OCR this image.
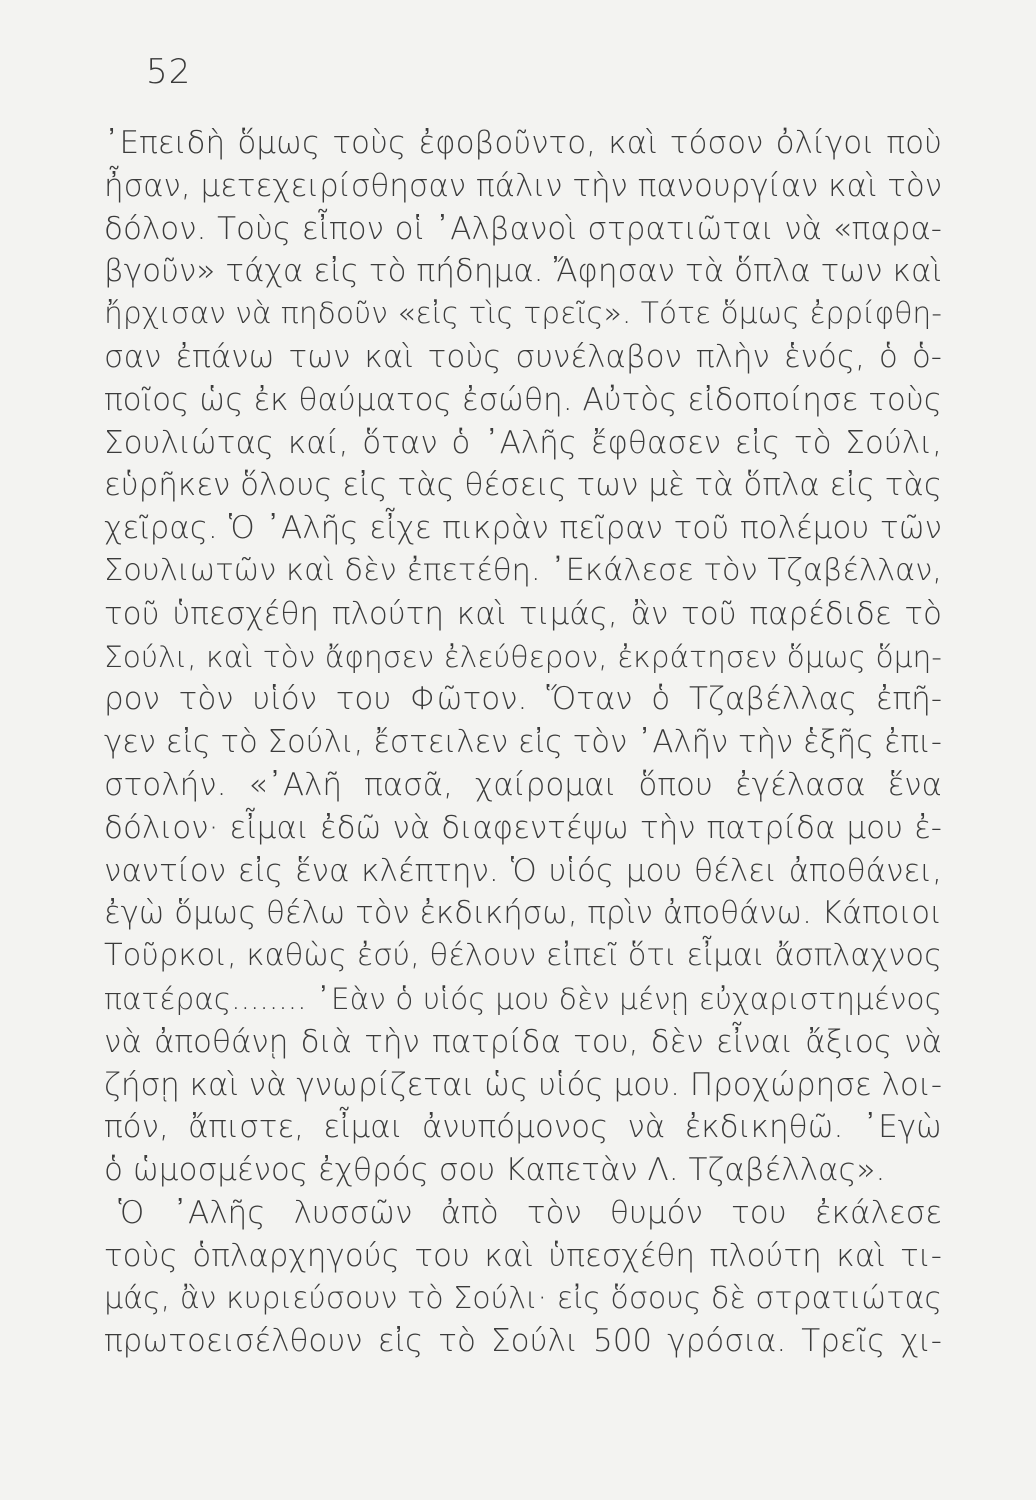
52
᾿Επειδὴ ὅμως τοὺς ἐφοβοῦντο, καὶ τόσον ὀλίγοι ποὺ
ἦσαν, μετεχειρίσθησαν πάλιν τὴν πανουργίαν καὶ τὸν
δόλον. Τοὺς εἶπον οἱ ᾿Αλβανοὶ στρατιῶται νὰ «παρα-
βγοῦν» τάχα εἰς τὸ πήδημα. Ἄφησαν τὰ ὅπλα των καὶ
ἤρχισαν νὰ πηδοῦν «εἰς τὶς τρεῖς». Τότε ὅμως ἐρρίφθη-
σαν ἐπάνω των καὶ τοὺς συνέλαβον πλὴν ἑνός, ὁ ὁ-
ποῖος ὡς ἐκ θαύματος ἐσώθη. Αὐτὸς εἰδοποίησε τοὺς
Σουλιώτας καί, ὅταν ὁ ᾿Αλῆς ἔφθασεν εἰς τὸ Σούλι,
εὑρῆκεν ὅλους εἰς τὰς θέσεις των μὲ τὰ ὅπλα εἰς τὰς
χεῖρας. Ὁ ᾿Αλῆς εἶχε πικρὰν πεῖραν τοῦ πολέμου τῶν
Σουλιωτῶν καὶ δὲν ἐπετέθη. ᾿Εκάλεσε τὸν Τζαβέλλαν,
τοῦ ὑπεσχέθη πλούτη καὶ τιμάς, ἂν τοῦ παρέδιδε τὸ
Σούλι, καὶ τὸν ἄφησεν ἐλεύθερον, ἐκράτησεν ὅμως ὅμη-
ρον τὸν υἱόν του Φῶτον. Ὅταν ὁ Τζαβέλλας ἐπῆ-
γεν εἰς τὸ Σούλι, ἔστειλεν εἰς τὸν ᾿Αλῆν τὴν ἑξῆς ἐπι-
στολήν. «᾿Αλῆ πασᾶ, χαίρομαι ὅπου ἐγέλασα ἕνα
δόλιον· εἶμαι ἐδῶ νὰ διαφεντέψω τὴν πατρίδα μου ἐ-
ναντίον εἰς ἕνα κλέπτην. Ὁ υἱός μου θέλει ἀποθάνει,
ἐγὼ ὅμως θέλω τὸν ἐκδικήσω, πρὶν ἀποθάνω. Κάποιοι
Τοῦρκοι, καθὼς ἐσύ, θέλουν εἰπεῖ ὅτι εἶμαι ἄσπλαχνος
πατέρας........ ᾿Εὰν ὁ υἱός μου δὲν μένῃ εὐχαριστημένος
νὰ ἀποθάνῃ διὰ τὴν πατρίδα του, δὲν εἶναι ἄξιος νὰ
ζήσῃ καὶ νὰ γνωρίζεται ὡς υἱός μου. Προχώρησε λοι-
πόν, ἄπιστε, εἶμαι ἀνυπόμονος νὰ ἐκδικηθῶ. ᾿Εγὼ
ὁ ὡμοσμένος ἐχθρός σου Καπετὰν Λ. Τζαβέλλας».
Ὁ ᾿Αλῆς λυσσῶν ἀπὸ τὸν θυμόν του ἐκάλεσε
τοὺς ὁπλαρχηγούς του καὶ ὑπεσχέθη πλούτη καὶ τι-
μάς, ἂν κυριεύσουν τὸ Σούλι· εἰς ὅσους δὲ στρατιώτας
πρωτοεισέλθουν εἰς τὸ Σούλι 500 γρόσια. Τρεῖς χι-
